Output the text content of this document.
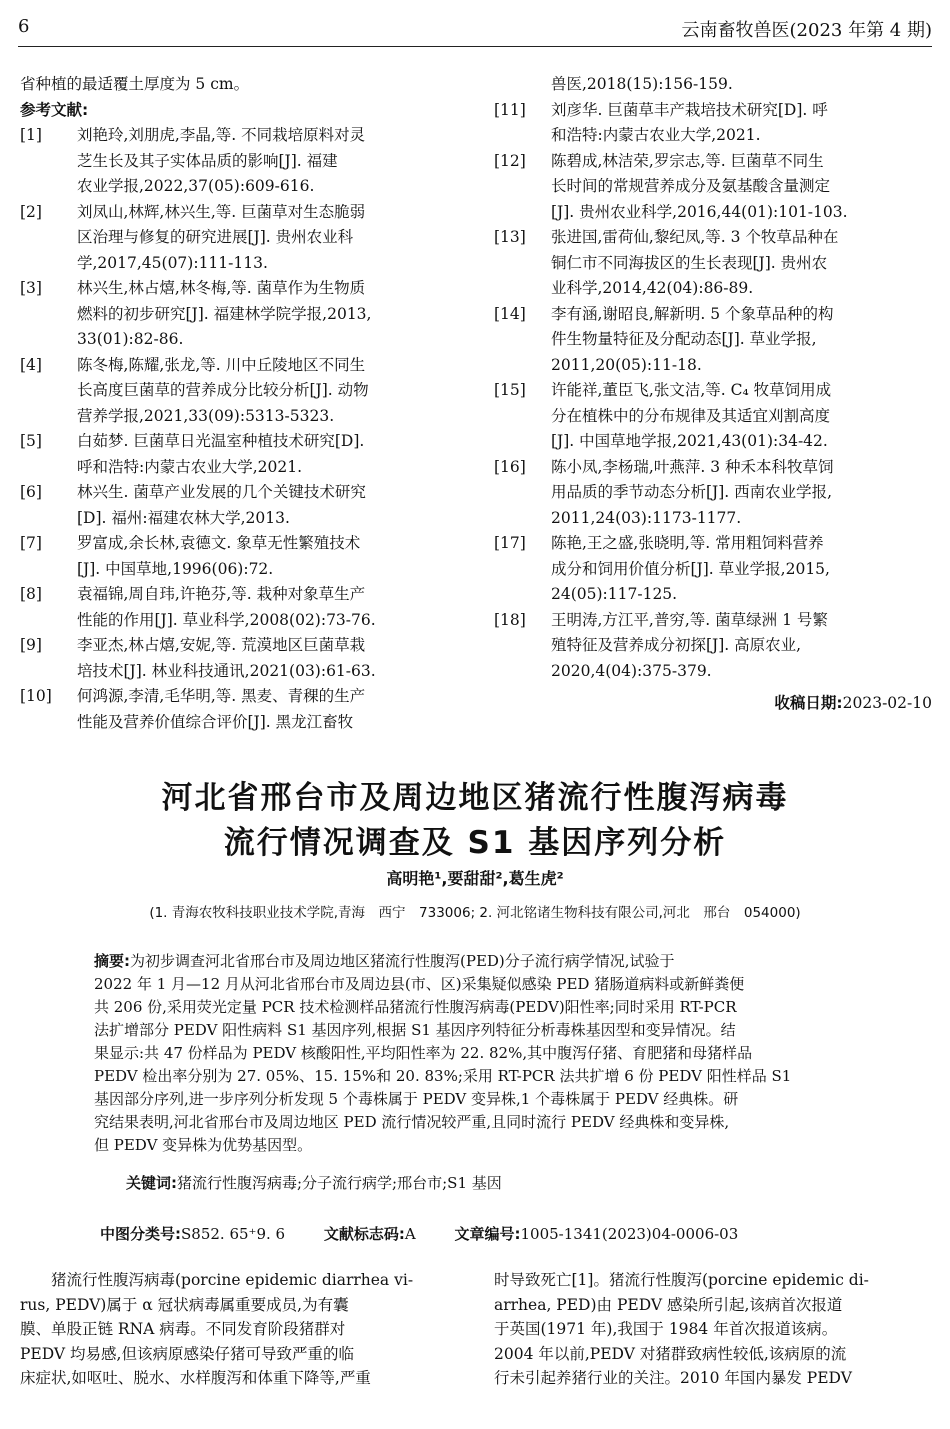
6	云南畜牧兽医(2023 年第 4 期)
省种植的最适覆土厚度为 5 cm。
参考文献:
[1] 刘艳玲,刘朋虎,李晶,等. 不同栽培原料对灵
芝生长及其子实体品质的影响[J]. 福建
农业学报,2022,37(05):609-616.
[2] 刘凤山,林辉,林兴生,等. 巨菌草对生态脆弱
区治理与修复的研究进展[J]. 贵州农业科
学,2017,45(07):111-113.
[3] 林兴生,林占熺,林冬梅,等. 菌草作为生物质
燃料的初步研究[J]. 福建林学院学报,2013,
33(01):82-86.
[4] 陈冬梅,陈耀,张龙,等. 川中丘陵地区不同生
长高度巨菌草的营养成分比较分析[J]. 动物
营养学报,2021,33(09):5313-5323.
[5] 白茹梦. 巨菌草日光温室种植技术研究[D].
呼和浩特:内蒙古农业大学,2021.
[6] 林兴生. 菌草产业发展的几个关键技术研究
[D]. 福州:福建农林大学,2013.
[7] 罗富成,余长林,袁德文. 象草无性繁殖技术
[J]. 中国草地,1996(06):72.
[8] 袁福锦,周自玮,许艳芬,等. 栽种对象草生产
性能的作用[J]. 草业科学,2008(02):73-76.
[9] 李亚杰,林占熺,安妮,等. 荒漠地区巨菌草栽
培技术[J]. 林业科技通讯,2021(03):61-63.
[10] 何鸿源,李清,毛华明,等. 黑麦、青稞的生产
性能及营养价值综合评价[J]. 黑龙江畜牧
兽医,2018(15):156-159.
[11] 刘彦华. 巨菌草丰产栽培技术研究[D]. 呼
和浩特:内蒙古农业大学,2021.
[12] 陈碧成,林洁荣,罗宗志,等. 巨菌草不同生
长时间的常规营养成分及氨基酸含量测定
[J]. 贵州农业科学,2016,44(01):101-103.
[13] 张进国,雷荷仙,黎纪凤,等. 3 个牧草品种在
铜仁市不同海拔区的生长表现[J]. 贵州农
业科学,2014,42(04):86-89.
[14] 李有涵,谢昭良,解新明. 5 个象草品种的构
件生物量特征及分配动态[J]. 草业学报,
2011,20(05):11-18.
[15] 许能祥,董臣飞,张文洁,等. C₄ 牧草饲用成
分在植株中的分布规律及其适宜刈割高度
[J]. 中国草地学报,2021,43(01):34-42.
[16] 陈小凤,李杨瑞,叶燕萍. 3 种禾本科牧草饲
用品质的季节动态分析[J]. 西南农业学报,
2011,24(03):1173-1177.
[17] 陈艳,王之盛,张晓明,等. 常用粗饲料营养
成分和饲用价值分析[J]. 草业学报,2015,
24(05):117-125.
[18] 王明涛,方江平,普穷,等. 菌草绿洲 1 号繁
殖特征及营养成分初探[J]. 高原农业,
2020,4(04):375-379.
收稿日期:2023-02-10
河北省邢台市及周边地区猪流行性腹泻病毒
流行情况调查及 S1 基因序列分析
高明艳¹,要甜甜²,葛生虎²
(1. 青海农牧科技职业技术学院,青海　西宁　733006; 2. 河北铭诸生物科技有限公司,河北　邢台　054000)
摘要:为初步调查河北省邢台市及周边地区猪流行性腹泻(PED)分子流行病学情况,试验于
2022 年 1 月—12 月从河北省邢台市及周边县(市、区)采集疑似感染 PED 猪肠道病料或新鲜粪便
共 206 份,采用荧光定量 PCR 技术检测样品猪流行性腹泻病毒(PEDV)阳性率;同时采用 RT-PCR
法扩增部分 PEDV 阳性病料 S1 基因序列,根据 S1 基因序列特征分析毒株基因型和变异情况。结
果显示:共 47 份样品为 PEDV 核酸阳性,平均阳性率为 22. 82%,其中腹泻仔猪、育肥猪和母猪样品
PEDV 检出率分别为 27. 05%、15. 15%和 20. 83%;采用 RT-PCR 法共扩增 6 份 PEDV 阳性样品 S1
基因部分序列,进一步序列分析发现 5 个毒株属于 PEDV 变异株,1 个毒株属于 PEDV 经典株。研
究结果表明,河北省邢台市及周边地区 PED 流行情况较严重,且同时流行 PEDV 经典株和变异株,
但 PEDV 变异株为优势基因型。
关键词:猪流行性腹泻病毒;分子流行病学;邢台市;S1 基因
中图分类号:S852. 65⁺9. 6	文献标志码:A	文章编号:1005-1341(2023)04-0006-03
　　猪流行性腹泻病毒(porcine epidemic diarrhea vi-
rus, PEDV)属于 α 冠状病毒属重要成员,为有囊
膜、单股正链 RNA 病毒。不同发育阶段猪群对
PEDV 均易感,但该病原感染仔猪可导致严重的临
床症状,如呕吐、脱水、水样腹泻和体重下降等,严重
时导致死亡[1]。猪流行性腹泻(porcine epidemic di-
arrhea, PED)由 PEDV 感染所引起,该病首次报道
于英国(1971 年),我国于 1984 年首次报道该病。
2004 年以前,PEDV 对猪群致病性较低,该病原的流
行未引起养猪行业的关注。2010 年国内暴发 PEDV
